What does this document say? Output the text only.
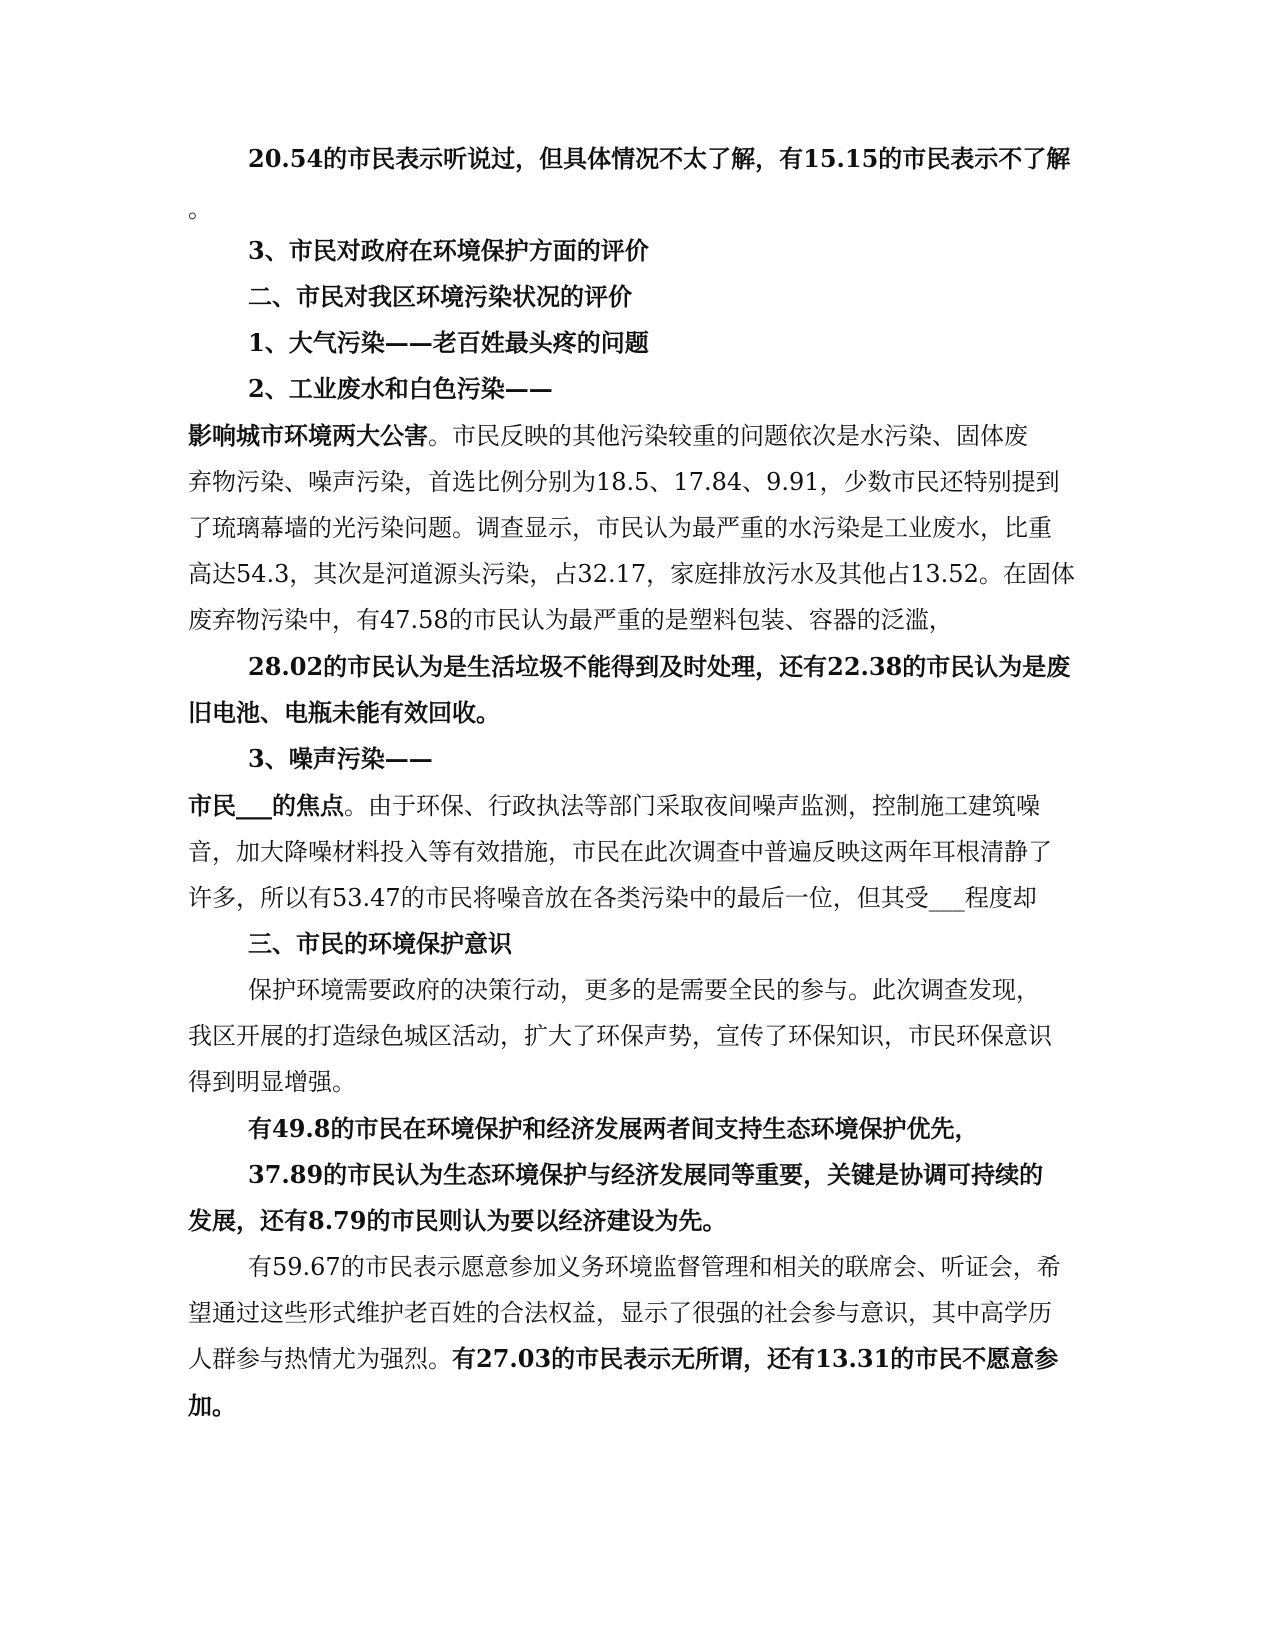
20.54的市民表示听说过，但具体情况不太了解，有15.15的市民表示不了解
。
3、市民对政府在环境保护方面的评价
二、市民对我区环境污染状况的评价
1、大气污染——老百姓最头疼的问题
2、工业废水和白色污染——
影响城市环境两大公害。市民反映的其他污染较重的问题依次是水污染、固体废
弃物污染、噪声污染，首选比例分别为18.5、17.84、9.91，少数市民还特别提到
了琉璃幕墙的光污染问题。调查显示，市民认为最严重的水污染是工业废水，比重
高达54.3，其次是河道源头污染，占32.17，家庭排放污水及其他占13.52。在固体
废弃物污染中，有47.58的市民认为最严重的是塑料包装、容器的泛滥，
28.02的市民认为是生活垃圾不能得到及时处理，还有22.38的市民认为是废
旧电池、电瓶未能有效回收。
3、噪声污染——
市民___的焦点。由于环保、行政执法等部门采取夜间噪声监测，控制施工建筑噪
音，加大降噪材料投入等有效措施，市民在此次调查中普遍反映这两年耳根清静了
许多，所以有53.47的市民将噪音放在各类污染中的最后一位，但其受___程度却
三、市民的环境保护意识
保护环境需要政府的决策行动，更多的是需要全民的参与。此次调查发现，
我区开展的打造绿色城区活动，扩大了环保声势，宣传了环保知识，市民环保意识
得到明显增强。
有49.8的市民在环境保护和经济发展两者间支持生态环境保护优先，
37.89的市民认为生态环境保护与经济发展同等重要，关键是协调可持续的
发展，还有8.79的市民则认为要以经济建设为先。
有59.67的市民表示愿意参加义务环境监督管理和相关的联席会、听证会，希
望通过这些形式维护老百姓的合法权益，显示了很强的社会参与意识，其中高学历
人群参与热情尤为强烈。有27.03的市民表示无所谓，还有13.31的市民不愿意参
加。
